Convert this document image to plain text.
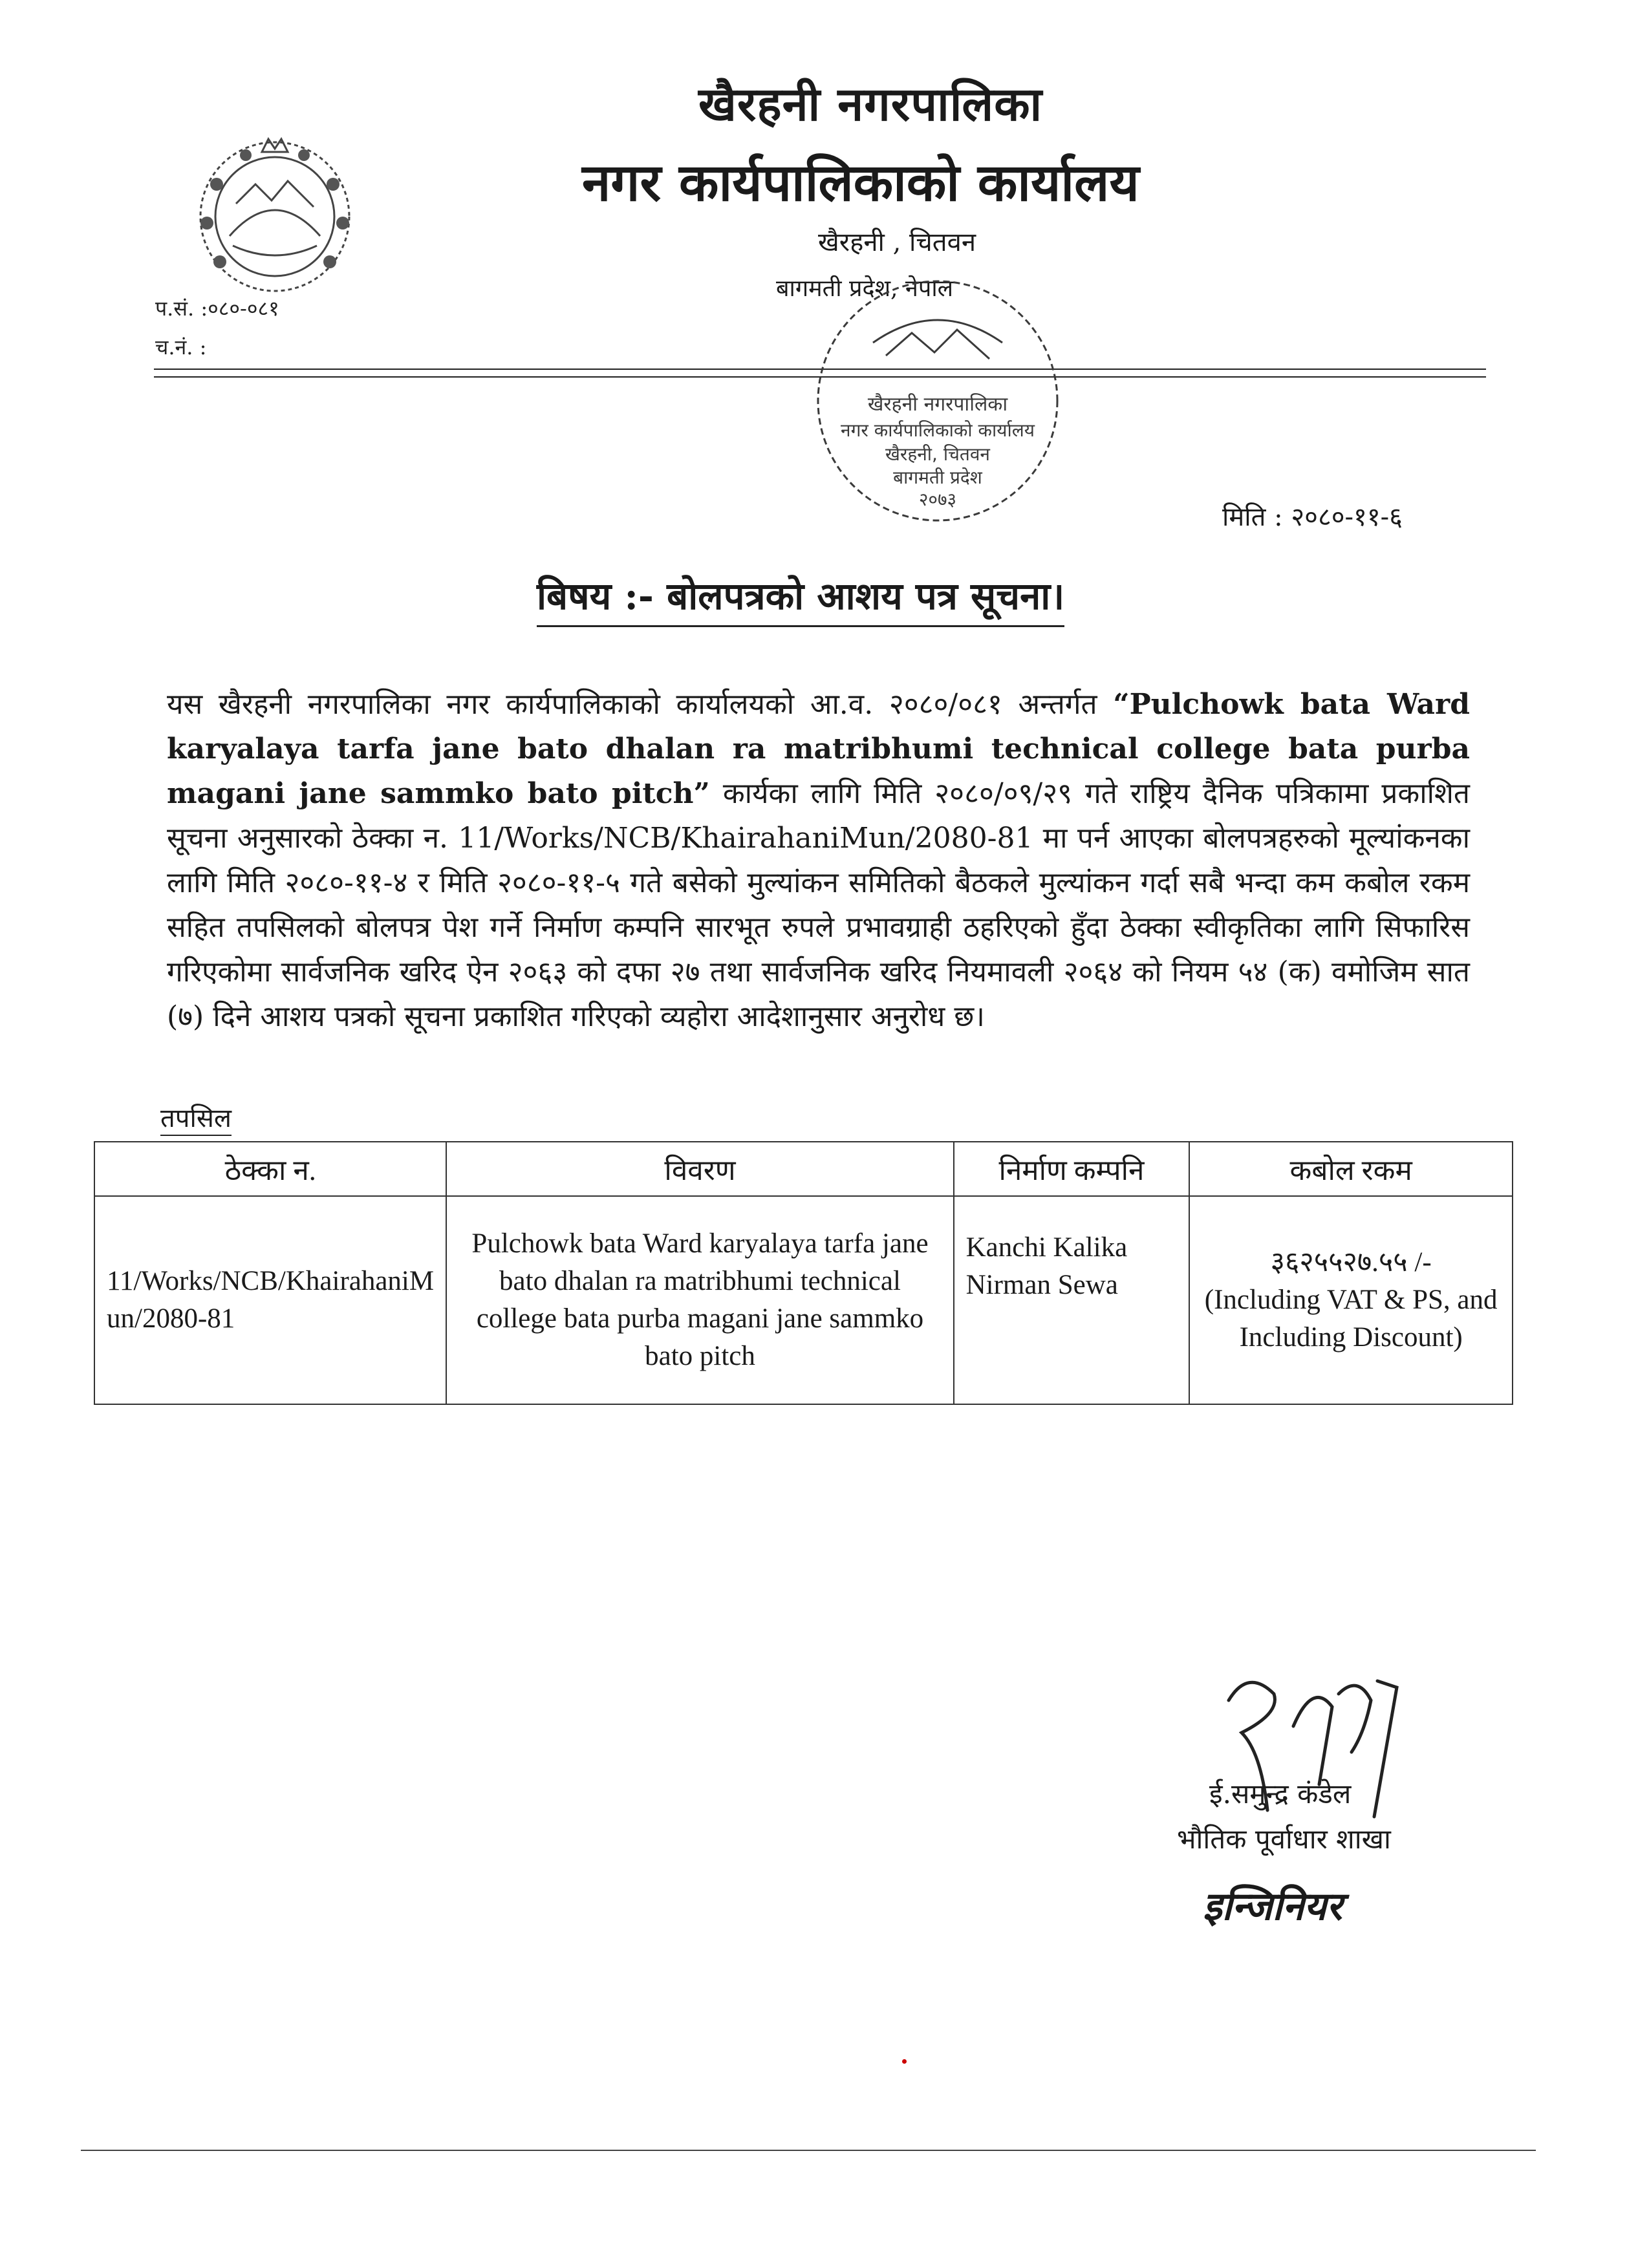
खैरहनी नगरपालिका
नगर कार्यपालिकाको कार्यालय
खैरहनी , चितवन
बागमती प्रदेश, नेपाल
प.सं. :०८०-०८१
च.नं. :
खैरहनी नगरपालिका
नगर कार्यपालिकाको कार्यालय
खैरहनी, चितवन
बागमती प्रदेश
२०७३
मिति : २०८०-११-६
बिषय :- बोलपत्रको आशय पत्र सूचना।
यस खैरहनी नगरपालिका नगर कार्यपालिकाको कार्यालयको आ.व. २०८०/०८१ अन्तर्गत “Pulchowk bata Ward karyalaya tarfa jane bato dhalan ra matribhumi technical college bata purba magani jane sammko bato pitch” कार्यका लागि मिति २०८०/०९/२९ गते राष्ट्रिय दैनिक पत्रिकामा प्रकाशित सूचना अनुसारको ठेक्का न. 11/Works/NCB/KhairahaniMun/2080-81 मा पर्न आएका बोलपत्रहरुको मूल्यांकनका लागि मिति २०८०-११-४ र मिति २०८०-११-५ गते बसेको मुल्यांकन समितिको बैठकले मुल्यांकन गर्दा सबै भन्दा कम कबोल रकम सहित तपसिलको बोलपत्र पेश गर्ने निर्माण कम्पनि सारभूत रुपले प्रभावग्राही ठहरिएको हुँदा ठेक्का स्वीकृतिका लागि सिफारिस गरिएकोमा सार्वजनिक खरिद ऐन २०६३ को दफा २७ तथा सार्वजनिक खरिद नियमावली २०६४ को नियम ५४ (क) वमोजिम सात (७) दिने आशय पत्रको सूचना प्रकाशित गरिएको व्यहोरा आदेशानुसार अनुरोध छ।
तपसिल
ठेक्का न.	विवरण	निर्माण कम्पनि	कबोल रकम
11/Works/NCB/KhairahaniMun/2080-81	Pulchowk bata Ward karyalaya tarfa jane bato dhalan ra matribhumi technical college bata purba magani jane sammko bato pitch	Kanchi Kalika Nirman Sewa	३६२५५२७.५५ /-
(Including VAT & PS, and Including Discount)
ई.समुन्द्र कंडेल
भौतिक पूर्वाधार शाखा
इन्जिनियर
